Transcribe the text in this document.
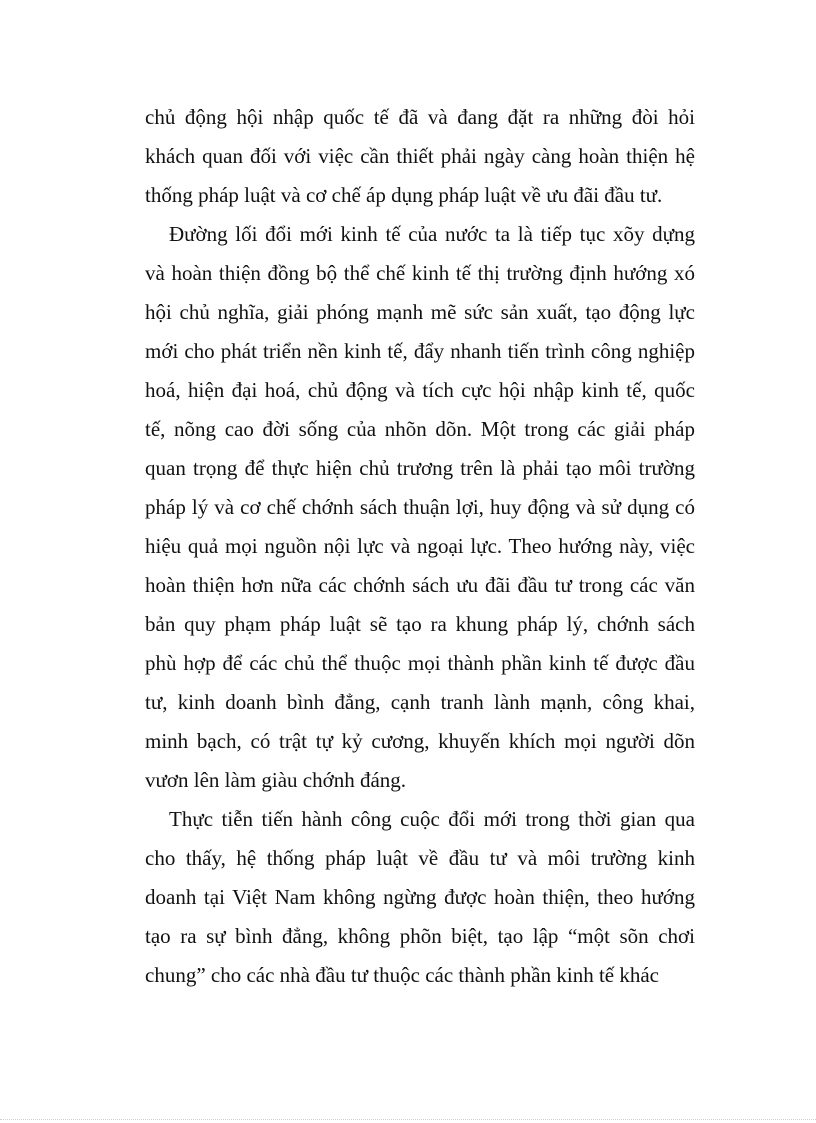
chủ động hội nhập quốc tế đã và đang đặt ra những đòi hỏi
khách quan đối với việc cần thiết phải ngày càng hoàn thiện hệ
thống pháp luật và cơ chế áp dụng pháp luật về ưu đãi đầu tư.
Đường lối đổi mới kinh tế của nước ta là tiếp tục xõy dựng
và hoàn thiện đồng bộ thể chế kinh tế thị trường định hướng xó
hội chủ nghĩa, giải phóng mạnh mẽ sức sản xuất, tạo động lực
mới cho phát triển nền kinh tế, đẩy nhanh tiến trình công nghiệp
hoá, hiện đại hoá, chủ động và tích cực hội nhập kinh tế, quốc
tế, nõng cao đời sống của nhõn dõn. Một trong các giải pháp
quan trọng để thực hiện chủ trương trên là phải tạo môi trường
pháp lý và cơ chế chớnh sách thuận lợi, huy động và sử dụng có
hiệu quả mọi nguồn nội lực và ngoại lực. Theo hướng này, việc
hoàn thiện hơn nữa các chớnh sách ưu đãi đầu tư trong các văn
bản quy phạm pháp luật sẽ tạo ra khung pháp lý, chớnh sách
phù hợp để các chủ thể thuộc mọi thành phần kinh tế được đầu
tư, kinh doanh bình đẳng, cạnh tranh lành mạnh, công khai,
minh bạch, có trật tự kỷ cương, khuyến khích mọi người dõn
vươn lên làm giàu chớnh đáng.
Thực tiễn tiến hành công cuộc đổi mới trong thời gian qua
cho thấy, hệ thống pháp luật về đầu tư và môi trường kinh
doanh tại Việt Nam không ngừng được hoàn thiện, theo hướng
tạo ra sự bình đẳng, không phõn biệt, tạo lập “một sõn chơi
chung” cho các nhà đầu tư thuộc các thành phần kinh tế khác
